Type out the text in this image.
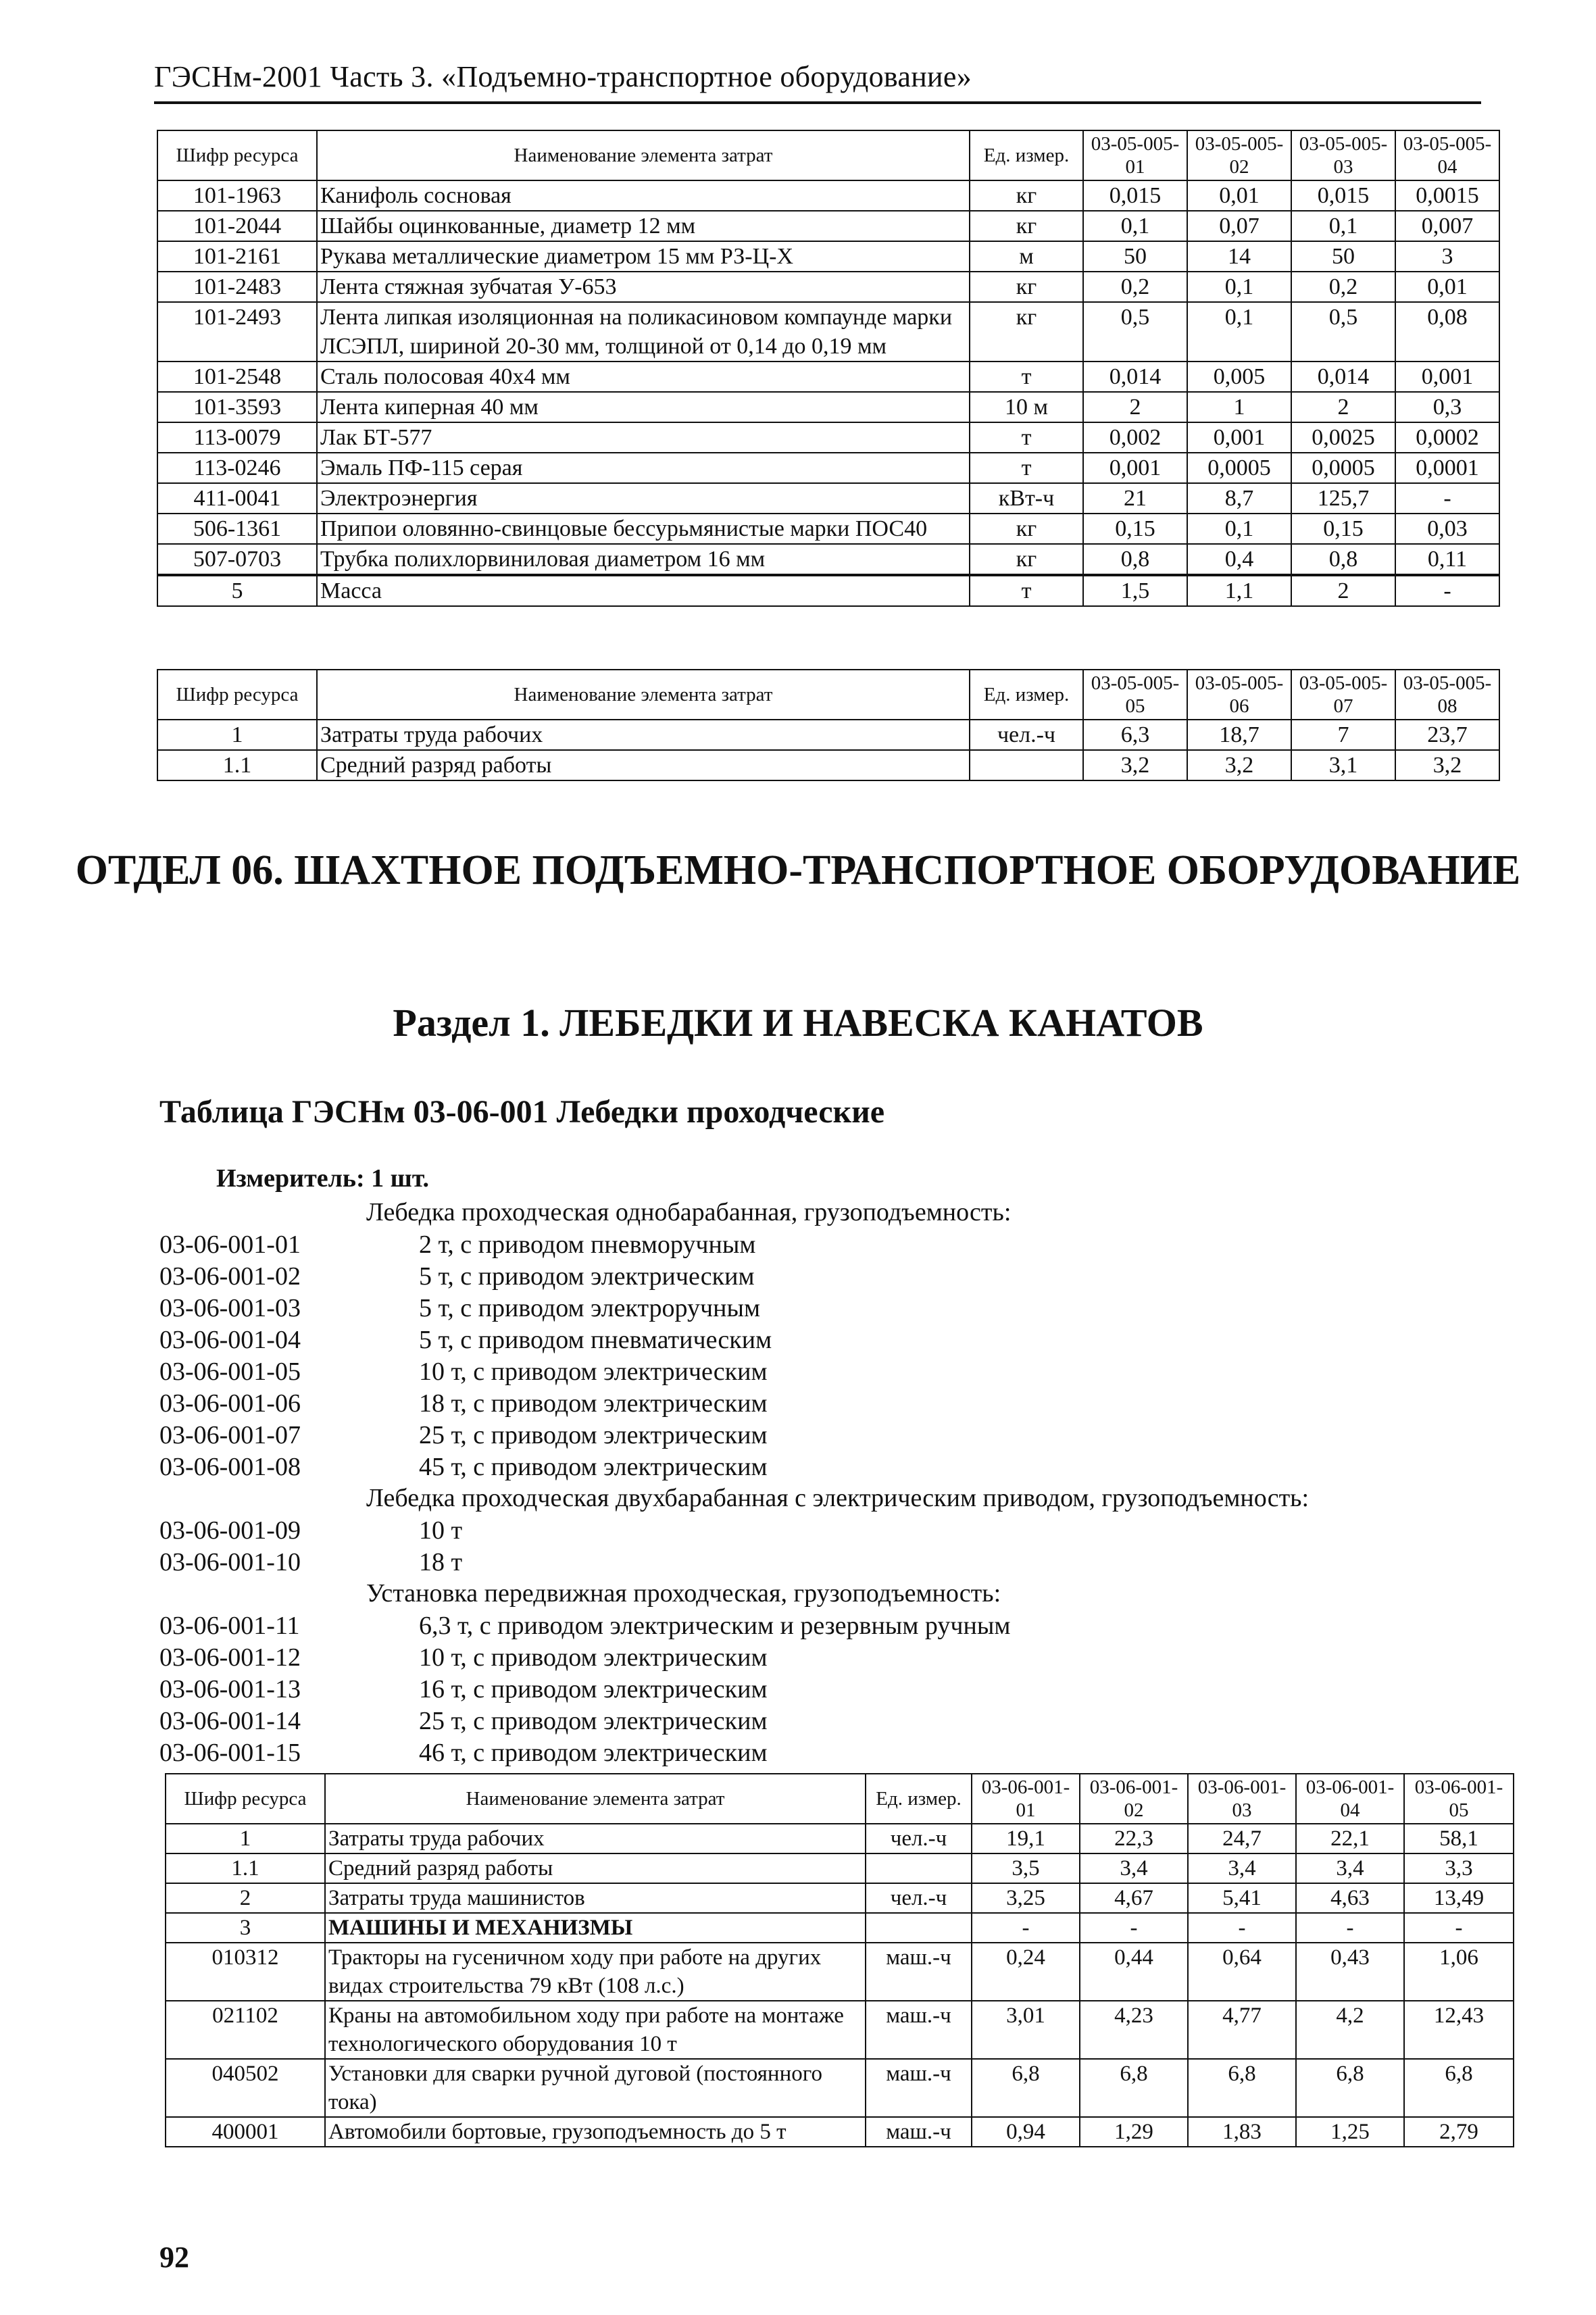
ГЭСНм-2001 Часть 3. «Подъемно-транспортное оборудование»
Шифр ресурса	Наименование элемента затрат	Ед. измер.	03-05-005-01	03-05-005-02	03-05-005-03	03-05-005-04
101-1963	Канифоль сосновая	кг	0,015	0,01	0,015	0,0015
101-2044	Шайбы оцинкованные, диаметр 12 мм	кг	0,1	0,07	0,1	0,007
101-2161	Рукава металлические диаметром 15 мм РЗ-Ц-Х	м	50	14	50	3
101-2483	Лента стяжная зубчатая У-653	кг	0,2	0,1	0,2	0,01
101-2493	Лента липкая изоляционная на поликасиновом компаунде марки ЛСЭПЛ, шириной 20-30 мм, толщиной от 0,14 до 0,19 мм	кг	0,5	0,1	0,5	0,08
101-2548	Сталь полосовая 40х4 мм	т	0,014	0,005	0,014	0,001
101-3593	Лента киперная 40 мм	10 м	2	1	2	0,3
113-0079	Лак БТ-577	т	0,002	0,001	0,0025	0,0002
113-0246	Эмаль ПФ-115 серая	т	0,001	0,0005	0,0005	0,0001
411-0041	Электроэнергия	кВт-ч	21	8,7	125,7	-
506-1361	Припои оловянно-свинцовые бессурьмянистые марки ПОС40	кг	0,15	0,1	0,15	0,03
507-0703	Трубка полихлорвиниловая диаметром 16 мм	кг	0,8	0,4	0,8	0,11
5	Масса	т	1,5	1,1	2	-
Шифр ресурса	Наименование элемента затрат	Ед. измер.	03-05-005-05	03-05-005-06	03-05-005-07	03-05-005-08
1	Затраты труда рабочих	чел.-ч	6,3	18,7	7	23,7
1.1	Средний разряд работы		3,2	3,2	3,1	3,2
ОТДЕЛ 06. ШАХТНОЕ ПОДЪЕМНО-ТРАНСПОРТНОЕ ОБОРУДОВАНИЕ
Раздел 1. ЛЕБЕДКИ И НАВЕСКА КАНАТОВ
Таблица ГЭСНм 03-06-001 Лебедки проходческие
Измеритель: 1 шт.
Лебедка проходческая однобарабанная, грузоподъемность:
03-06-001-01	2 т, с приводом пневморучным
03-06-001-02	5 т, с приводом электрическим
03-06-001-03	5 т, с приводом электроручным
03-06-001-04	5 т, с приводом пневматическим
03-06-001-05	10 т, с приводом электрическим
03-06-001-06	18 т, с приводом электрическим
03-06-001-07	25 т, с приводом электрическим
03-06-001-08	45 т, с приводом электрическим
Лебедка проходческая двухбарабанная с электрическим приводом, грузоподъемность:
03-06-001-09	10 т
03-06-001-10	18 т
Установка передвижная проходческая, грузоподъемность:
03-06-001-11	6,3 т, с приводом электрическим и резервным ручным
03-06-001-12	10 т, с приводом электрическим
03-06-001-13	16 т, с приводом электрическим
03-06-001-14	25 т, с приводом электрическим
03-06-001-15	46 т, с приводом электрическим
Шифр ресурса	Наименование элемента затрат	Ед. измер.	03-06-001-01	03-06-001-02	03-06-001-03	03-06-001-04	03-06-001-05
1	Затраты труда рабочих	чел.-ч	19,1	22,3	24,7	22,1	58,1
1.1	Средний разряд работы		3,5	3,4	3,4	3,4	3,3
2	Затраты труда машинистов	чел.-ч	3,25	4,67	5,41	4,63	13,49
3	МАШИНЫ И МЕХАНИЗМЫ		-	-	-	-	-
010312	Тракторы на гусеничном ходу при работе на других видах строительства 79 кВт (108 л.с.)	маш.-ч	0,24	0,44	0,64	0,43	1,06
021102	Краны на автомобильном ходу при работе на монтаже технологического оборудования 10 т	маш.-ч	3,01	4,23	4,77	4,2	12,43
040502	Установки для сварки ручной дуговой (постоянного тока)	маш.-ч	6,8	6,8	6,8	6,8	6,8
400001	Автомобили бортовые, грузоподъемность до 5 т	маш.-ч	0,94	1,29	1,83	1,25	2,79
92
